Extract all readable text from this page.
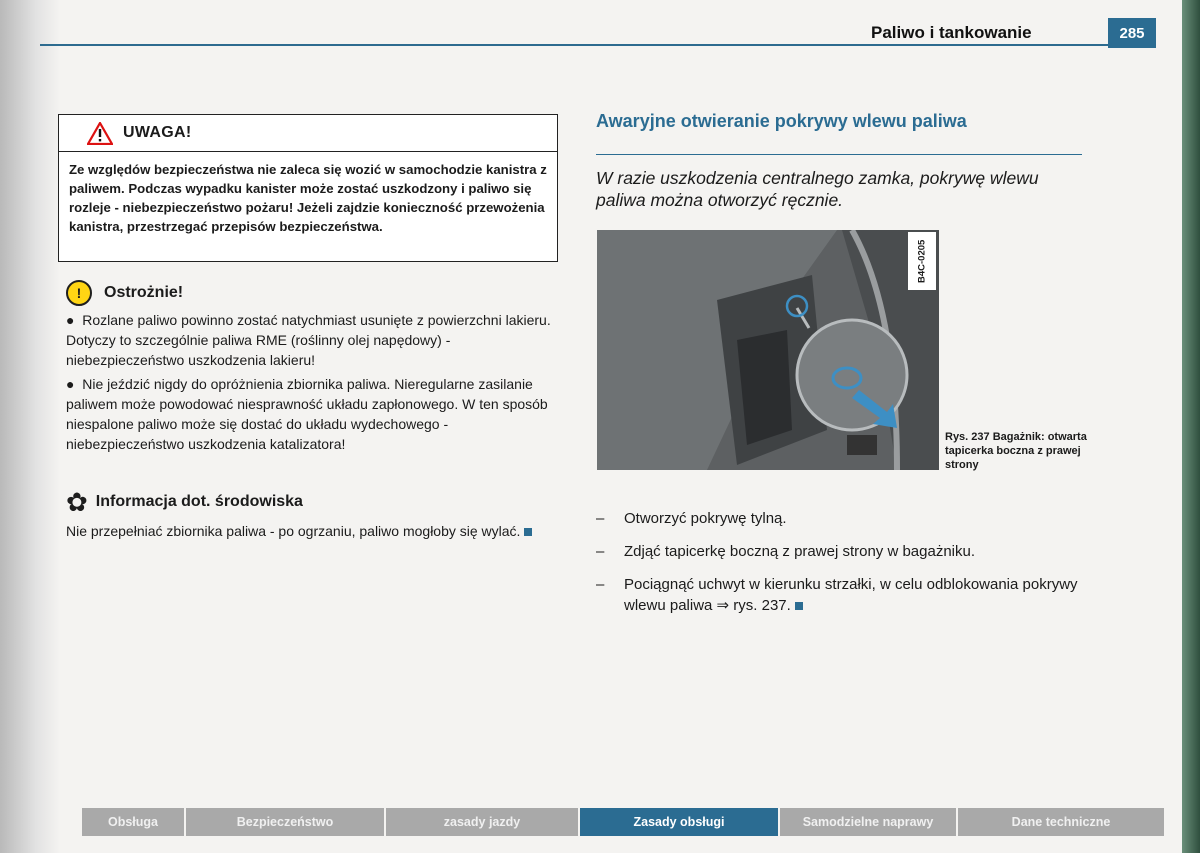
Paliwo i tankowanie	285
UWAGA!
Ze względów bezpieczeństwa nie zaleca się wozić w samochodzie kanistra z paliwem. Podczas wypadku kanister może zostać uszkodzony i paliwo się rozleje - niebezpieczeństwo pożaru! Jeżeli zajdzie konieczność przewożenia kanistra, przestrzegać przepisów bezpieczeństwa.
!	Ostrożnie!

●  Rozlane paliwo powinno zostać natychmiast usunięte z powierzchni lakieru. Dotyczy to szczególnie paliwa RME (roślinny olej napędowy) - niebezpieczeństwo uszkodzenia lakieru!

●  Nie jeździć nigdy do opróżnienia zbiornika paliwa. Nieregularne zasilanie paliwem może powodować niesprawność układu zapłonowego. W ten sposób niespalone paliwo może się dostać do układu wydechowego - niebezpieczeństwo uszkodzenia katalizatora!

✿ Informacja dot. środowiska
Nie przepełniać zbiornika paliwa - po ogrzaniu, paliwo mogłoby się wylać.
Awaryjne otwieranie pokrywy wlewu paliwa
W razie uszkodzenia centralnego zamka, pokrywę wlewu paliwa można otworzyć ręcznie.
B4C-0205
Rys. 237 Bagażnik: otwarta tapicerka boczna z prawej strony
–	Otworzyć pokrywę tylną.
–	Zdjąć tapicerkę boczną z prawej strony w bagażniku.
–	Pociągnąć uchwyt w kierunku strzałki, w celu odblokowania pokrywy wlewu paliwa ⇒ rys. 237.
Obsługa	Bezpieczeństwo	zasady jazdy	Zasady obsługi	Samodzielne naprawy	Dane techniczne
